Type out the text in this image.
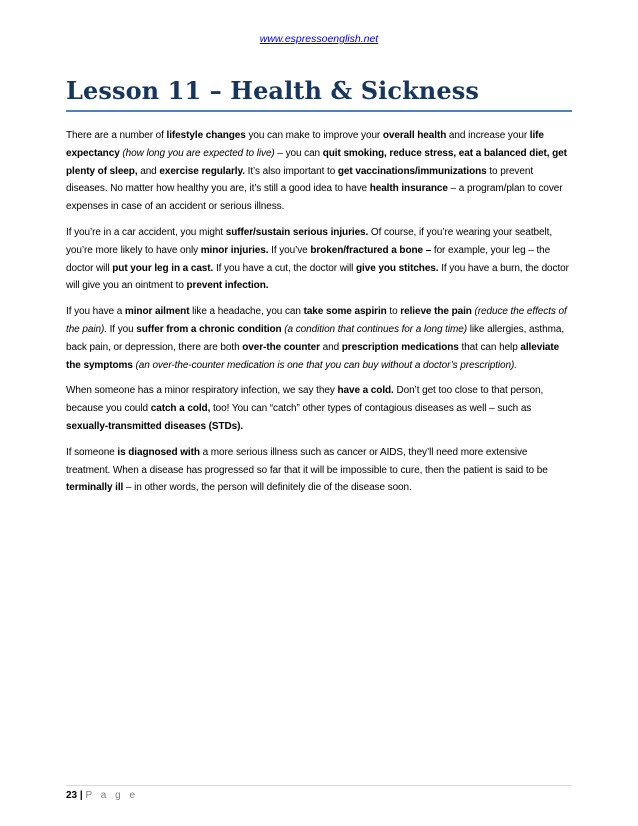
www.espressoenglish.net
Lesson 11 – Health & Sickness

There are a number of lifestyle changes you can make to improve your overall health and increase your life expectancy (how long you are expected to live) – you can quit smoking, reduce stress, eat a balanced diet, get plenty of sleep, and exercise regularly. It’s also important to get vaccinations/immunizations to prevent diseases. No matter how healthy you are, it’s still a good idea to have health insurance – a program/plan to cover expenses in case of an accident or serious illness.

If you’re in a car accident, you might suffer/sustain serious injuries. Of course, if you’re wearing your seatbelt, you’re more likely to have only minor injuries. If you’ve broken/fractured a bone – for example, your leg – the doctor will put your leg in a cast. If you have a cut, the doctor will give you stitches. If you have a burn, the doctor will give you an ointment to prevent infection.

If you have a minor ailment like a headache, you can take some aspirin to relieve the pain (reduce the effects of the pain). If you suffer from a chronic condition (a condition that continues for a long time) like allergies, asthma, back pain, or depression, there are both over-the counter and prescription medications that can help alleviate the symptoms (an over-the-counter medication is one that you can buy without a doctor’s prescription).

When someone has a minor respiratory infection, we say they have a cold. Don’t get too close to that person, because you could catch a cold, too! You can “catch” other types of contagious diseases as well – such as sexually-transmitted diseases (STDs).

If someone is diagnosed with a more serious illness such as cancer or AIDS, they’ll need more extensive treatment. When a disease has progressed so far that it will be impossible to cure, then the patient is said to be terminally ill – in other words, the person will definitely die of the disease soon.

23 | P a g e
